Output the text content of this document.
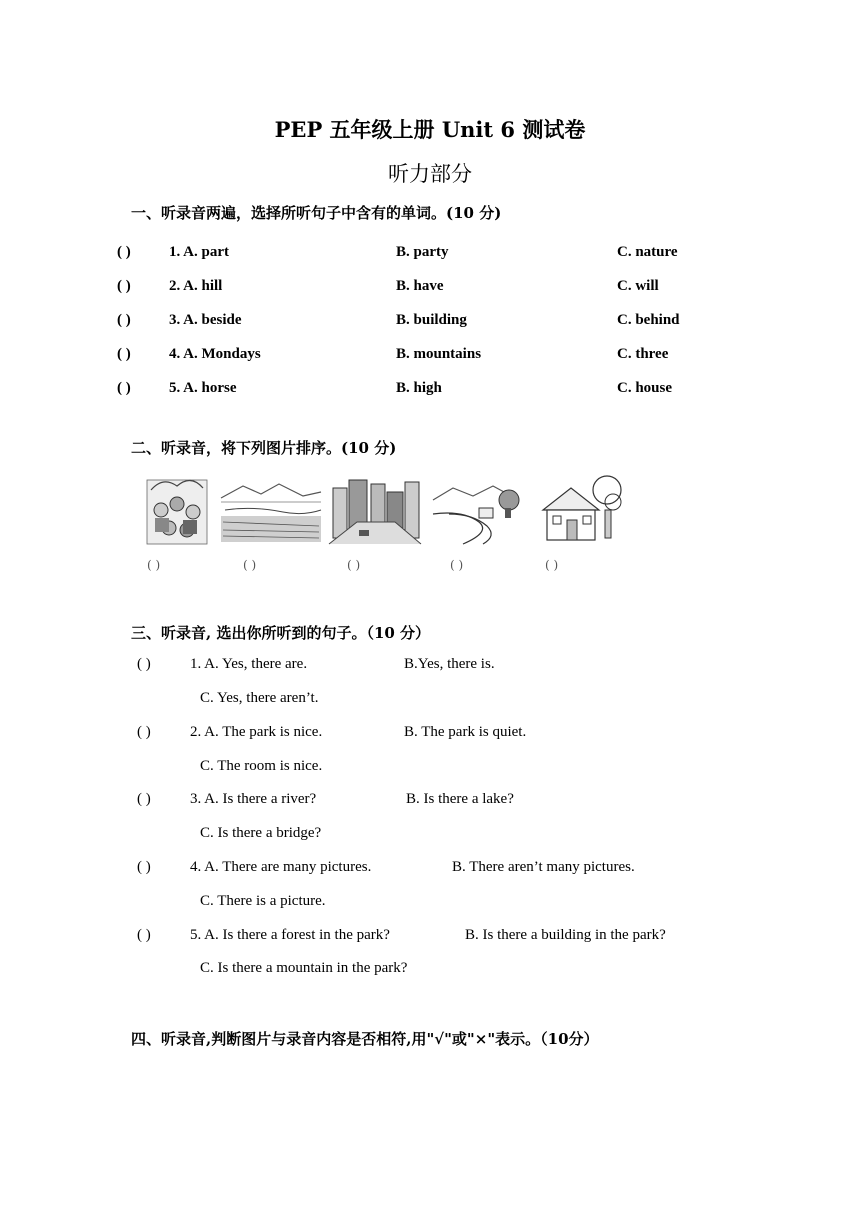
PEP 五年级上册 Unit 6 测试卷
听力部分
一、听录音两遍，选择所听句子中含有的单词。(10 分)
( )	1. A. part	B. party	C. nature
( )	2. A. hill	B. have	C. will
( )	3. A. beside	B. building	C. behind
( )	4. A. Mondays	B. mountains	C. three
( )	5. A. horse	B. high	C. house
二、听录音，将下列图片排序。(10 分)
( )	( )	( )	( )	( )
三、听录音, 选出你所听到的句子。（10 分）
( )	1. A. Yes, there are.	B.Yes, there is.
C. Yes, there aren’t.
( )	2. A. The park is nice.	B. The park is quiet.
C. The room is nice.
( )	3. A. Is there a river?	B. Is there a lake?
C. Is there a bridge?
( )	4. A. There are many pictures.	B. There aren’t many pictures.
C. There is a picture.
( )	5. A. Is there a forest in the park?	B. Is there a building in the park?
C. Is there a mountain in the park?
四、听录音,判断图片与录音内容是否相符,用"√"或"×"表示。（10分）
